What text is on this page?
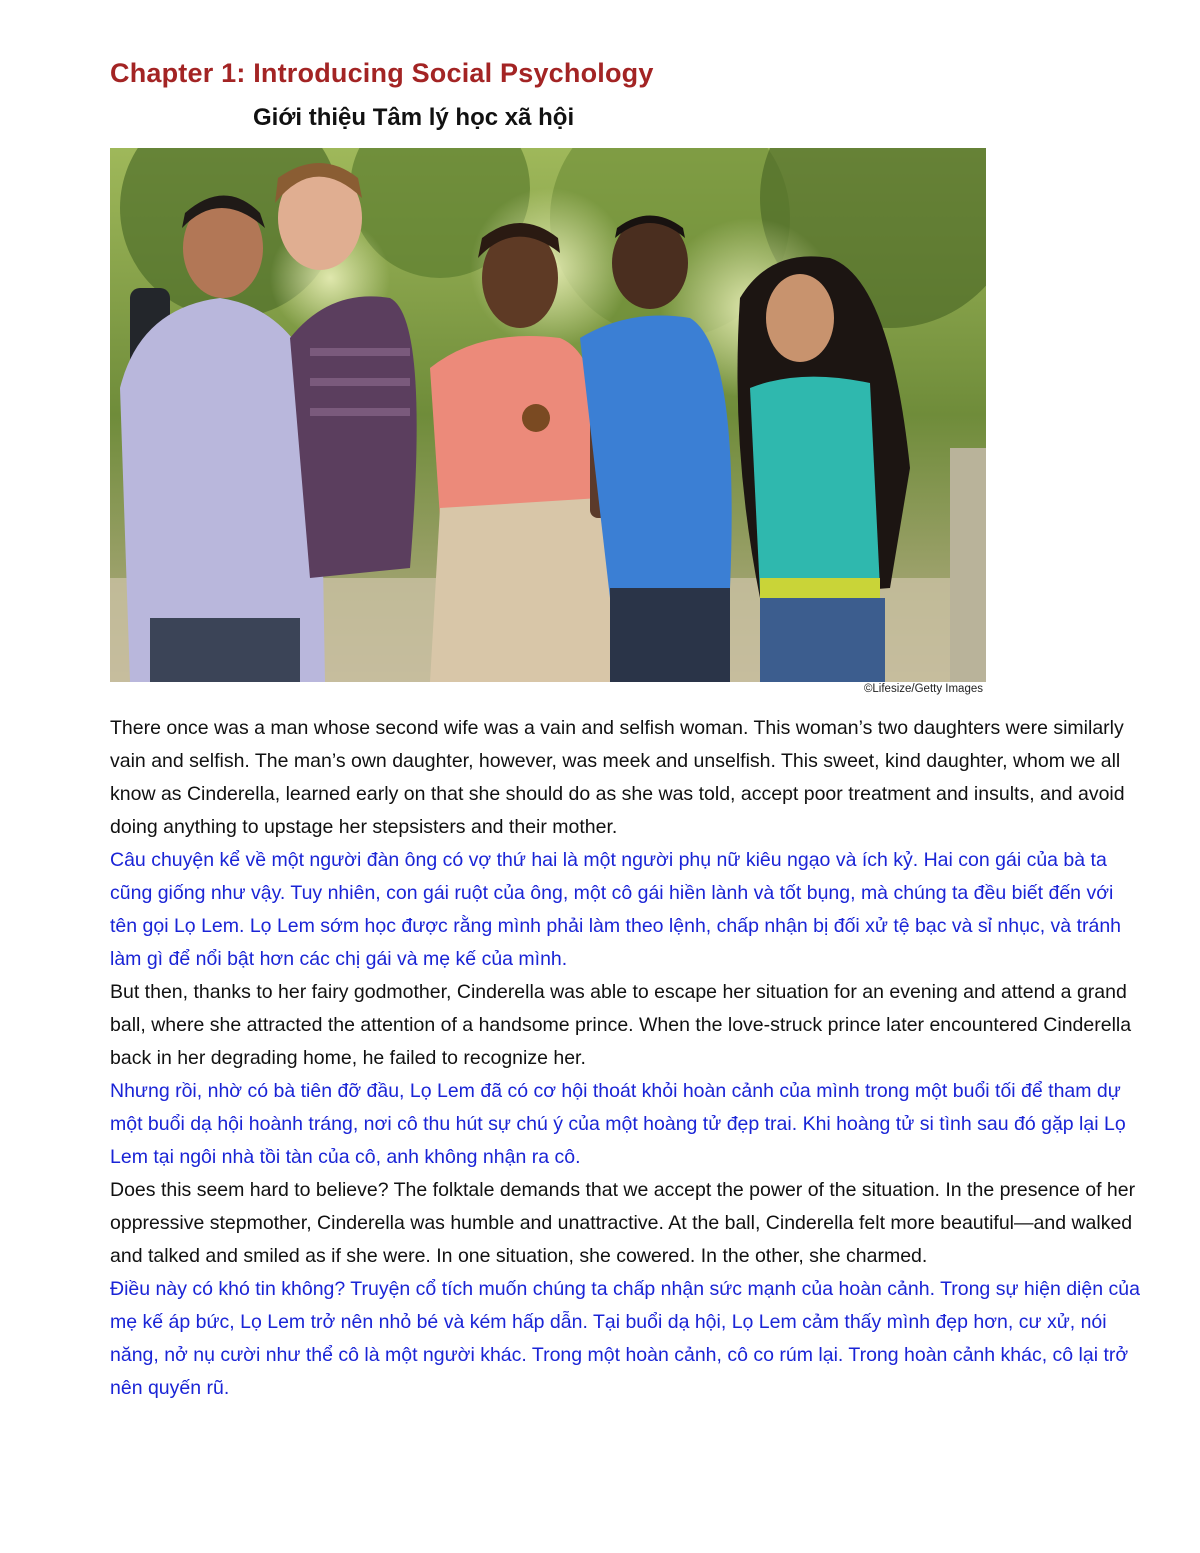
Chapter 1: Introducing Social Psychology
Giới thiệu Tâm lý học xã hội
©Lifesize/Getty Images

There once was a man whose second wife was a vain and selfish woman. This woman’s two daughters were similarly vain and selfish. The man’s own daughter, however, was meek and unselfish. This sweet, kind daughter, whom we all know as Cinderella, learned early on that she should do as she was told, accept poor treatment and insults, and avoid doing anything to upstage her stepsisters and their mother.

Câu chuyện kể về một người đàn ông có vợ thứ hai là một người phụ nữ kiêu ngạo và ích kỷ. Hai con gái của bà ta cũng giống như vậy. Tuy nhiên, con gái ruột của ông, một cô gái hiền lành và tốt bụng, mà chúng ta đều biết đến với tên gọi Lọ Lem. Lọ Lem sớm học được rằng mình phải làm theo lệnh, chấp nhận bị đối xử tệ bạc và sỉ nhục, và tránh làm gì để nổi bật hơn các chị gái và mẹ kế của mình.

But then, thanks to her fairy godmother, Cinderella was able to escape her situation for an evening and attend a grand ball, where she attracted the attention of a handsome prince. When the love-struck prince later encountered Cinderella back in her degrading home, he failed to recognize her.

Nhưng rồi, nhờ có bà tiên đỡ đầu, Lọ Lem đã có cơ hội thoát khỏi hoàn cảnh của mình trong một buổi tối để tham dự một buổi dạ hội hoành tráng, nơi cô thu hút sự chú ý của một hoàng tử đẹp trai. Khi hoàng tử si tình sau đó gặp lại Lọ Lem tại ngôi nhà tồi tàn của cô, anh không nhận ra cô.

Does this seem hard to believe? The folktale demands that we accept the power of the situation. In the presence of her oppressive stepmother, Cinderella was humble and unattractive. At the ball, Cinderella felt more beautiful—and walked and talked and smiled as if she were. In one situation, she cowered. In the other, she charmed.

Điều này có khó tin không? Truyện cổ tích muốn chúng ta chấp nhận sức mạnh của hoàn cảnh. Trong sự hiện diện của mẹ kế áp bức, Lọ Lem trở nên nhỏ bé và kém hấp dẫn. Tại buổi dạ hội, Lọ Lem cảm thấy mình đẹp hơn, cư xử, nói năng, nở nụ cười như thể cô là một người khác. Trong một hoàn cảnh, cô co rúm lại. Trong hoàn cảnh khác, cô lại trở nên quyến rũ.
